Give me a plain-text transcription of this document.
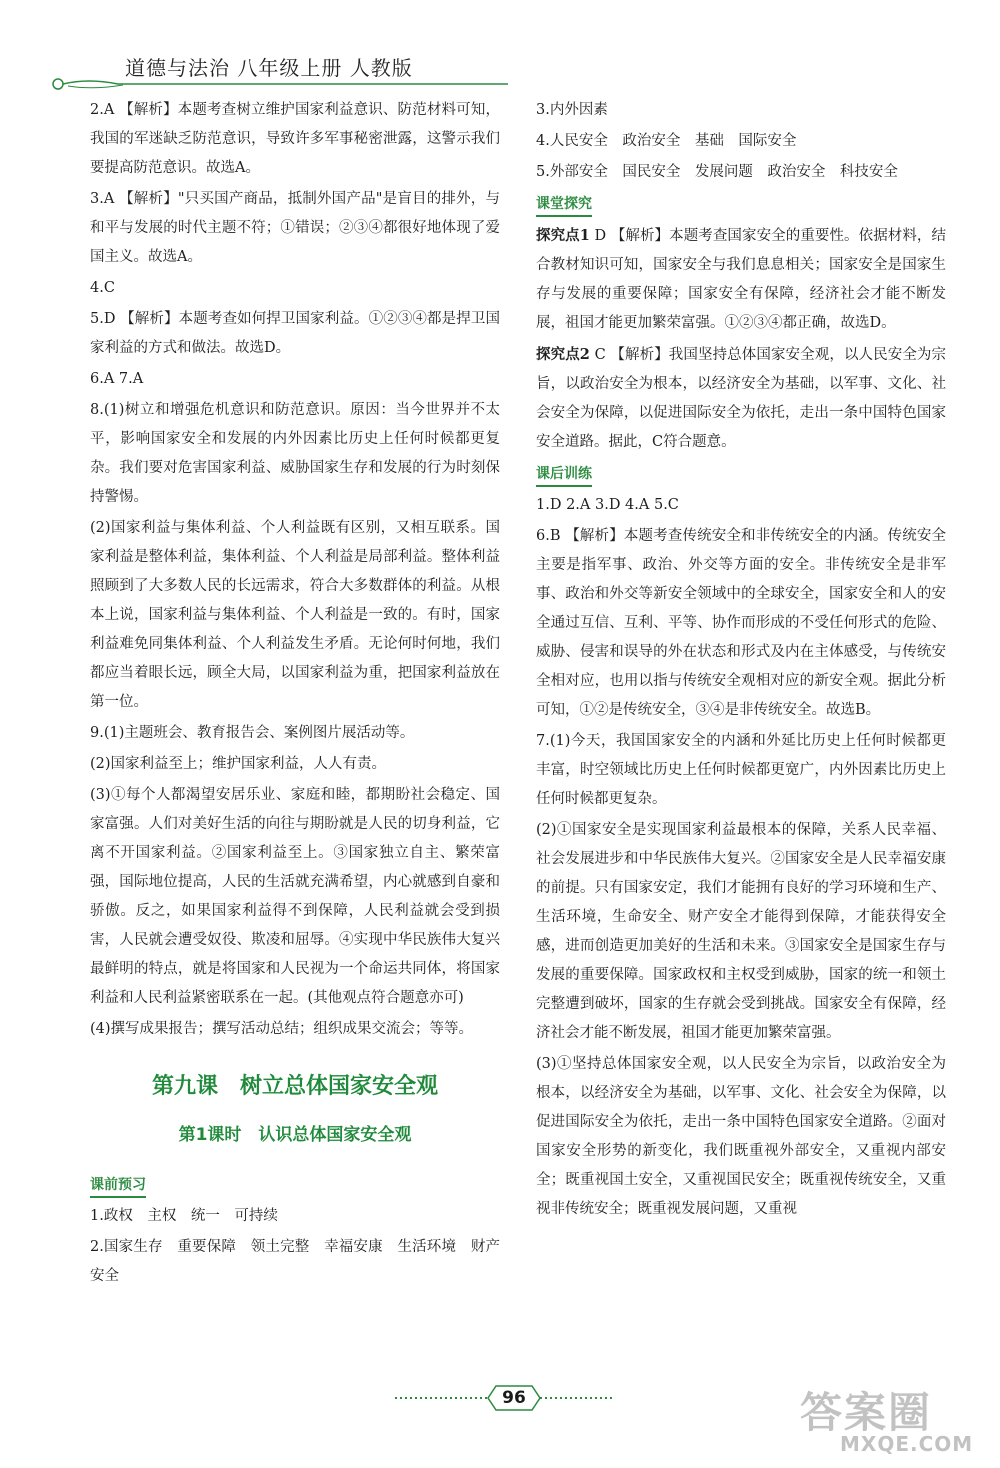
道德与法治 八年级上册 人教版

2.A 【解析】本题考查树立维护国家利益意识、防范材料可知，我国的军迷缺乏防范意识，导致许多军事秘密泄露，这警示我们要提高防范意识。故选A。

3.A 【解析】"只买国产商品，抵制外国产品"是盲目的排外，与和平与发展的时代主题不符；①错误；②③④都很好地体现了爱国主义。故选A。

4.C

5.D 【解析】本题考查如何捍卫国家利益。①②③④都是捍卫国家利益的方式和做法。故选D。

6.A 7.A

8.(1)树立和增强危机意识和防范意识。原因：当今世界并不太平，影响国家安全和发展的内外因素比历史上任何时候都更复杂。我们要对危害国家利益、威胁国家生存和发展的行为时刻保持警惕。

(2)国家利益与集体利益、个人利益既有区别，又相互联系。国家利益是整体利益，集体利益、个人利益是局部利益。整体利益照顾到了大多数人民的长远需求，符合大多数群体的利益。从根本上说，国家利益与集体利益、个人利益是一致的。有时，国家利益难免同集体利益、个人利益发生矛盾。无论何时何地，我们都应当着眼长远，顾全大局，以国家利益为重，把国家利益放在第一位。

9.(1)主题班会、教育报告会、案例图片展活动等。

(2)国家利益至上；维护国家利益，人人有责。

(3)①每个人都渴望安居乐业、家庭和睦，都期盼社会稳定、国家富强。人们对美好生活的向往与期盼就是人民的切身利益，它离不开国家利益。②国家利益至上。③国家独立自主、繁荣富强，国际地位提高，人民的生活就充满希望，内心就感到自豪和骄傲。反之，如果国家利益得不到保障，人民利益就会受到损害，人民就会遭受奴役、欺凌和屈辱。④实现中华民族伟大复兴最鲜明的特点，就是将国家和人民视为一个命运共同体，将国家利益和人民利益紧密联系在一起。(其他观点符合题意亦可)

(4)撰写成果报告；撰写活动总结；组织成果交流会；等等。

第九课　树立总体国家安全观
第1课时　认识总体国家安全观
课前预习

1.政权　主权　统一　可持续

2.国家生存　重要保障　领土完整　幸福安康　生活环境　财产安全

3.内外因素

4.人民安全　政治安全　基础　国际安全

5.外部安全　国民安全　发展问题　政治安全　科技安全

课堂探究

探究点1 D 【解析】本题考查国家安全的重要性。依据材料，结合教材知识可知，国家安全与我们息息相关；国家安全是国家生存与发展的重要保障；国家安全有保障，经济社会才能不断发展，祖国才能更加繁荣富强。①②③④都正确，故选D。

探究点2 C 【解析】我国坚持总体国家安全观，以人民安全为宗旨，以政治安全为根本，以经济安全为基础，以军事、文化、社会安全为保障，以促进国际安全为依托，走出一条中国特色国家安全道路。据此，C符合题意。

课后训练

1.D 2.A 3.D 4.A 5.C

6.B 【解析】本题考查传统安全和非传统安全的内涵。传统安全主要是指军事、政治、外交等方面的安全。非传统安全是非军事、政治和外交等新安全领域中的全球安全，国家安全和人的安全通过互信、互利、平等、协作而形成的不受任何形式的危险、威胁、侵害和误导的外在状态和形式及内在主体感受，与传统安全相对应，也用以指与传统安全观相对应的新安全观。据此分析可知，①②是传统安全，③④是非传统安全。故选B。

7.(1)今天，我国国家安全的内涵和外延比历史上任何时候都更丰富，时空领域比历史上任何时候都更宽广，内外因素比历史上任何时候都更复杂。

(2)①国家安全是实现国家利益最根本的保障，关系人民幸福、社会发展进步和中华民族伟大复兴。②国家安全是人民幸福安康的前提。只有国家安定，我们才能拥有良好的学习环境和生产、生活环境，生命安全、财产安全才能得到保障，才能获得安全感，进而创造更加美好的生活和未来。③国家安全是国家生存与发展的重要保障。国家政权和主权受到威胁，国家的统一和领土完整遭到破坏，国家的生存就会受到挑战。国家安全有保障，经济社会才能不断发展，祖国才能更加繁荣富强。

(3)①坚持总体国家安全观，以人民安全为宗旨，以政治安全为根本，以经济安全为基础，以军事、文化、社会安全为保障，以促进国际安全为依托，走出一条中国特色国家安全道路。②面对国家安全形势的新变化，我们既重视外部安全，又重视内部安全；既重视国土安全，又重视国民安全；既重视传统安全，又重视非传统安全；既重视发展问题，又重视

96	答案圈
MXQE.COM
